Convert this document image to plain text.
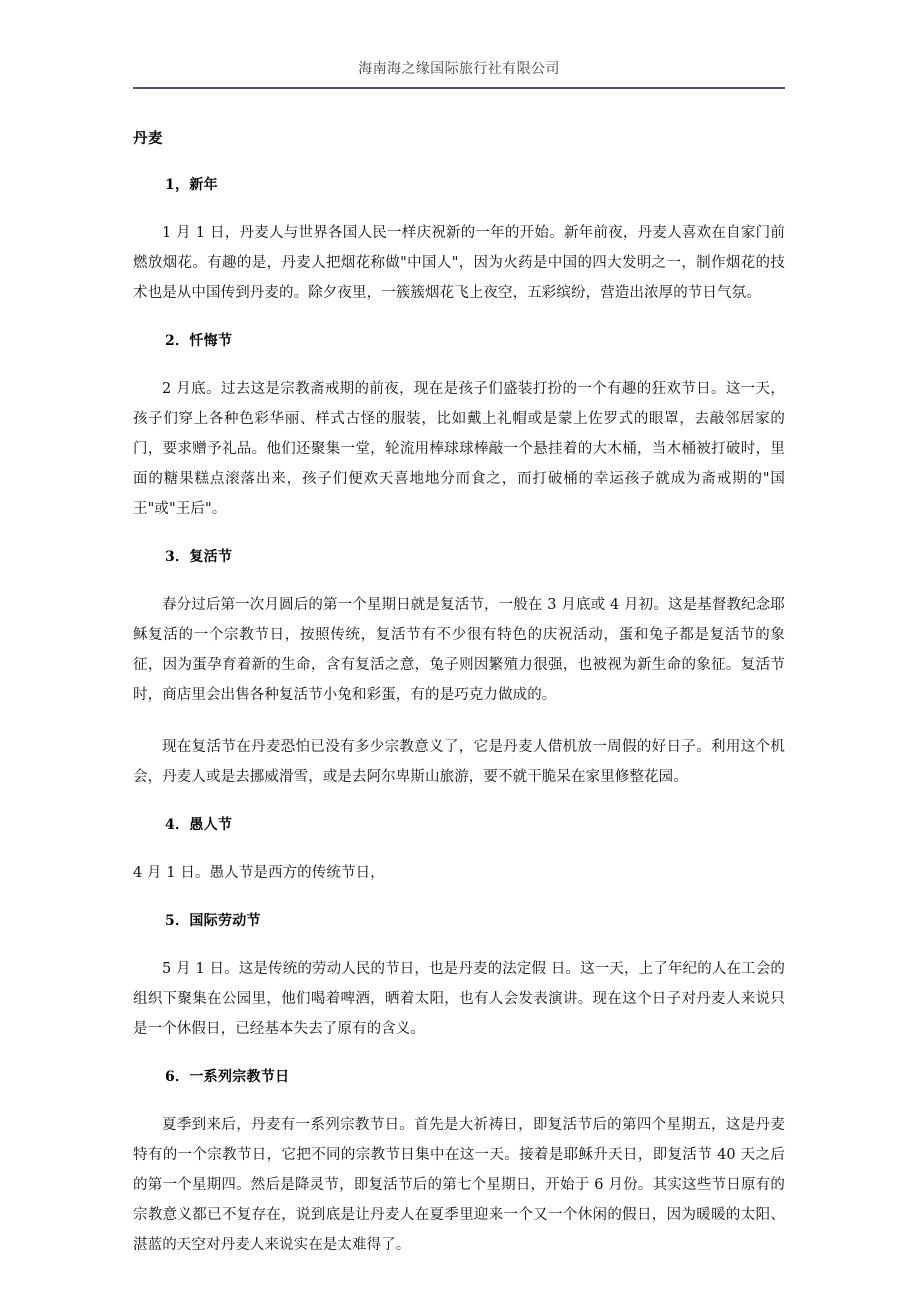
海南海之缘国际旅行社有限公司
丹麦
1，新年

1 月 1 日，丹麦人与世界各国人民一样庆祝新的一年的开始。新年前夜，丹麦人喜欢在自家门前燃放烟花。有趣的是，丹麦人把烟花称做"中国人"，因为火药是中国的四大发明之一，制作烟花的技术也是从中国传到丹麦的。除夕夜里，一簇簇烟花飞上夜空，五彩缤纷，营造出浓厚的节日气氛。

2．忏悔节

2 月底。过去这是宗教斋戒期的前夜，现在是孩子们盛装打扮的一个有趣的狂欢节日。这一天，孩子们穿上各种色彩华丽、样式古怪的服装，比如戴上礼帽或是蒙上佐罗式的眼罩，去敲邻居家的门，要求赠予礼品。他们还聚集一堂，轮流用棒球球棒敲一个悬挂着的大木桶，当木桶被打破时，里面的糖果糕点滚落出来，孩子们便欢天喜地地分而食之，而打破桶的幸运孩子就成为斋戒期的"国王"或"王后"。

3．复活节

春分过后第一次月圆后的第一个星期日就是复活节，一般在 3 月底或 4 月初。这是基督教纪念耶稣复活的一个宗教节日，按照传统，复活节有不少很有特色的庆祝活动，蛋和兔子都是复活节的象征，因为蛋孕育着新的生命，含有复活之意，兔子则因繁殖力很强，也被视为新生命的象征。复活节时，商店里会出售各种复活节小兔和彩蛋，有的是巧克力做成的。

现在复活节在丹麦恐怕已没有多少宗教意义了，它是丹麦人借机放一周假的好日子。利用这个机会，丹麦人或是去挪威滑雪，或是去阿尔卑斯山旅游，要不就干脆呆在家里修整花园。

4．愚人节

4 月 1 日。愚人节是西方的传统节日，

5．国际劳动节

5 月 1 日。这是传统的劳动人民的节日，也是丹麦的法定假 日。这一天，上了年纪的人在工会的组织下聚集在公园里，他们喝着啤酒，晒着太阳，也有人会发表演讲。现在这个日子对丹麦人来说只是一个休假日，已经基本失去了原有的含义。

6．一系列宗教节日

夏季到来后，丹麦有一系列宗教节日。首先是大祈祷日，即复活节后的第四个星期五，这是丹麦特有的一个宗教节日，它把不同的宗教节日集中在这一天。接着是耶稣升天日，即复活节 40 天之后的第一个星期四。然后是降灵节，即复活节后的第七个星期日，开始于 6 月份。其实这些节日原有的宗教意义都已不复存在，说到底是让丹麦人在夏季里迎来一个又一个休闲的假日，因为暖暖的太阳、湛蓝的天空对丹麦人来说实在是太难得了。
